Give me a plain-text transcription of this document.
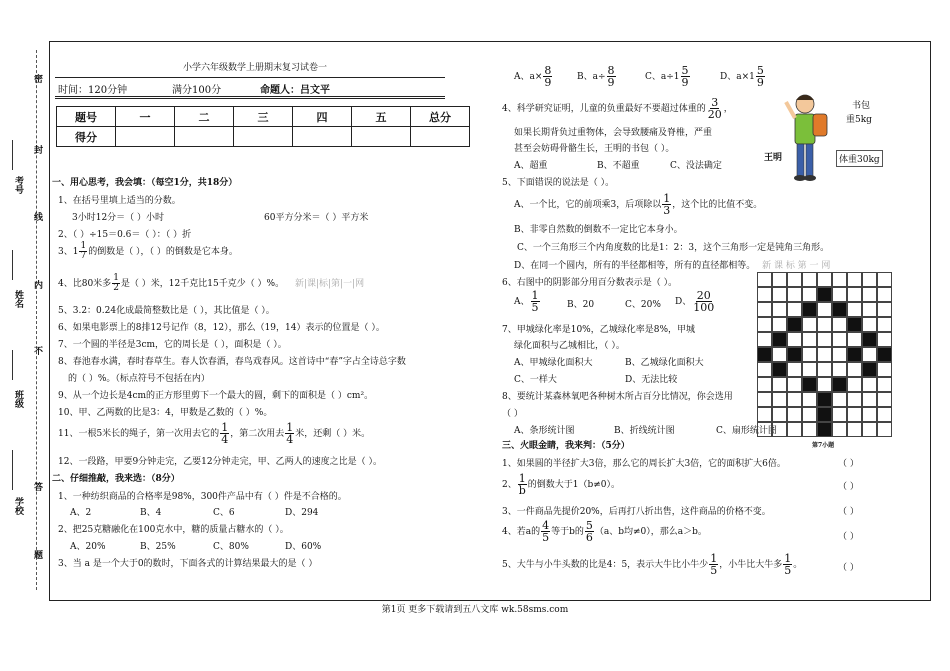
密
封
线
内
不
答
题
考号
姓名
班级
学校
小学六年级数学上册期末复习试卷一
时间：120分钟	满分100分	命题人：吕文平
题号	一	二	三	四	五	总分
得分						
一、用心思考，我会填：（每空1分，共18分）
1、在括号里填上适当的分数。
3小时12分＝（ ）小时	60平方分米＝（ ）平方米
2、（ ）÷15＝0.6＝（ ）：（ ）折
3、$1 \frac{1}{7}$ 的倒数是（ ），（ ）的倒数是它本身。
4、比80米多 $\frac{1}{2}$ 是（ ）米，12千克比15千克少（ ）%。 新|课|标|第|一|网
5、3.2：0.24化成最简整数比是（ ），其比值是（ ）。
6、如果电影票上的8排12号记作（8，12），那么（19，14）表示的位置是（ ）。
7、一个圆的半径是3cm，它的周长是（ ），面积是（ ）。
8、春池春水满，春时春草生。春人饮春酒，春鸟戏春风。这首诗中“春”字占全诗总字数
的（ ）%。（标点符号不包括在内）
9、从一个边长是4cm的正方形里剪下一个最大的圆，剩下的面积是（ ）cm²。
10、甲、乙两数的比是3：4，甲数是乙数的（ ）%。
11、一根5米长的绳子，第一次用去它的 $\frac{1}{4}$ ，第二次用去 $\frac{1}{4}$ 米，还剩（ ）米。
12、一段路，甲要9分钟走完，乙要12分钟走完，甲、乙两人的速度之比是（ ）。
二、仔细推敲，我来选：（8分）
1、一种纺织商品的合格率是98%，300件产品中有（ ）件是不合格的。
A、2	B、4	C、6	D、294
2、把25克糖融化在100克水中，糖的质量占糖水的（ ）。
A、20%	B、25%	C、80%	D、60%
3、当 a 是一个大于0的数时，下面各式的计算结果最大的是（ ）
A、$a\times \frac{8}{9}$	B、$a\div \frac{8}{9}$	C、$a\div 1 \frac{5}{9}$	D、$a\times 1 \frac{5}{9}$
4、科学研究证明，儿童的负重最好不要超过体重的 $\frac{3}{20}$ ，
如果长期背负过重物体，会导致腰痛及脊椎，严重
甚至会妨碍骨骼生长，王明的书包（ ）。
A、超重	B、不超重	C、没法确定
书包
重5kg
王明	体重30kg
5、下面错误的说法是（ ）。
A、一个比，它的前项乘3，后项除以 $\frac{1}{3}$ ，这个比的比值不变。
B、非零自然数的倒数不一定比它本身小。
C、一个三角形三个内角度数的比是1：2：3，这个三角形一定是钝角三角形。
D、在同一个圆内，所有的半径都相等，所有的直径都相等。 新 课 标 第 一 网
6、右图中的阴影部分用百分数表示是（ ）。
A、 $\frac{1}{5}$	B、20	C、20% D、 $\frac{20}{100}$
7、甲城绿化率是10%，乙城绿化率是8%，甲城
绿化面积与乙城相比，（ ）。
A、甲城绿化面积大	B、乙城绿化面积大
C、一样大	D、无法比较
8、要统计某森林氧吧各种树木所占百分比情况，你会选用
（ ）
A、条形统计图	B、折线统计图	C、扇形统计图
第7小题
三、火眼金睛，我来判：（5分）
1、如果圆的半径扩大3倍，那么它的周长扩大3倍，它的面积扩大6倍。	（ ）
2、 $\frac{1}{b}$ 的倒数大于1（b≠0）。	（ ）
3、一件商品先提价20%，后再打八折出售，这件商品的价格不变。	（ ）
4、若a的 $\frac{4}{5}$ 等于b的 $\frac{5}{6} (a$、b均≠0），那么a＞b。	（ ）
5、大牛与小牛头数的比是4：5，表示大牛比小牛少 $\frac{1}{5}$ ，小牛比大牛多 $\frac{1}{5}$ 。	（ ）
第1页 更多下载请到五八文库 wk.58sms.com
